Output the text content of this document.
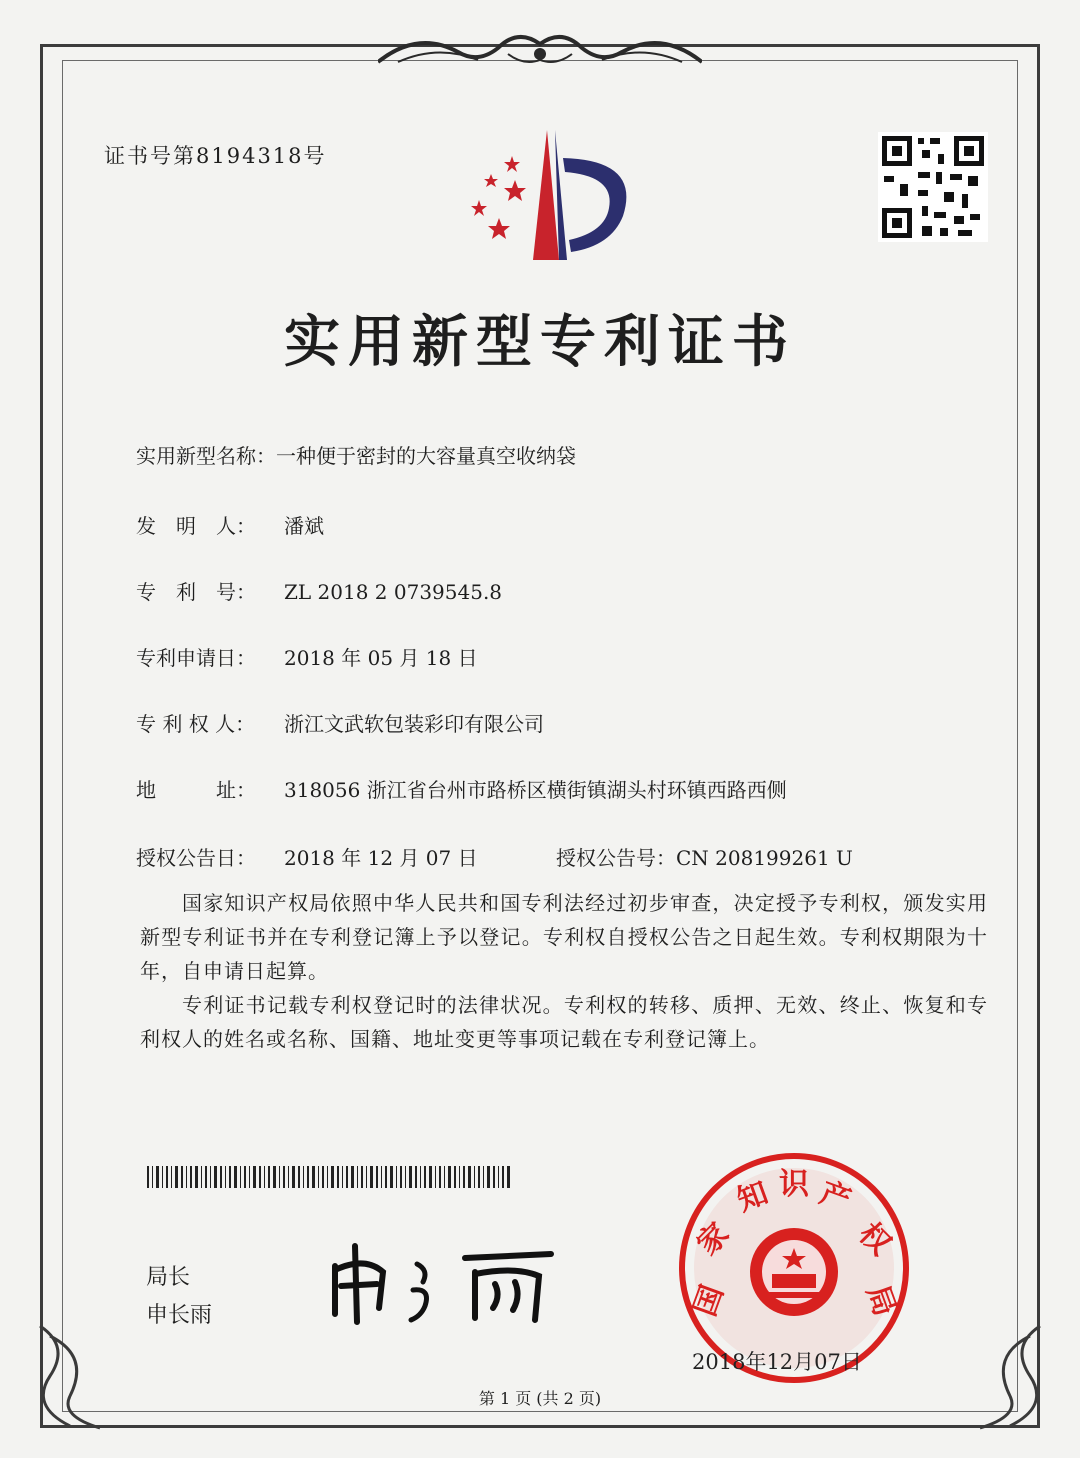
证书号第8194318号
实用新型专利证书
实用新型名称：一种便于密封的大容量真空收纳袋
发　明　人： 潘斌
专　利　号： ZL 2018 2 0739545.8
专利申请日： 2018 年 05 月 18 日
专 利 权 人： 浙江文武软包装彩印有限公司
地　　　址： 318056 浙江省台州市路桥区横街镇湖头村环镇西路西侧
授权公告日： 2018 年 12 月 07 日	授权公告号：CN 208199261 U
国家知识产权局依照中华人民共和国专利法经过初步审查，决定授予专利权，颁发实用新型专利证书并在专利登记簿上予以登记。专利权自授权公告之日起生效。专利权期限为十年，自申请日起算。
专利证书记载专利权登记时的法律状况。专利权的转移、质押、无效、终止、恢复和专利权人的姓名或名称、国籍、地址变更等事项记载在专利登记簿上。
局长
申长雨	国
家
知 识 产
权
局
2018年12月07日
第 1 页 (共 2 页)
